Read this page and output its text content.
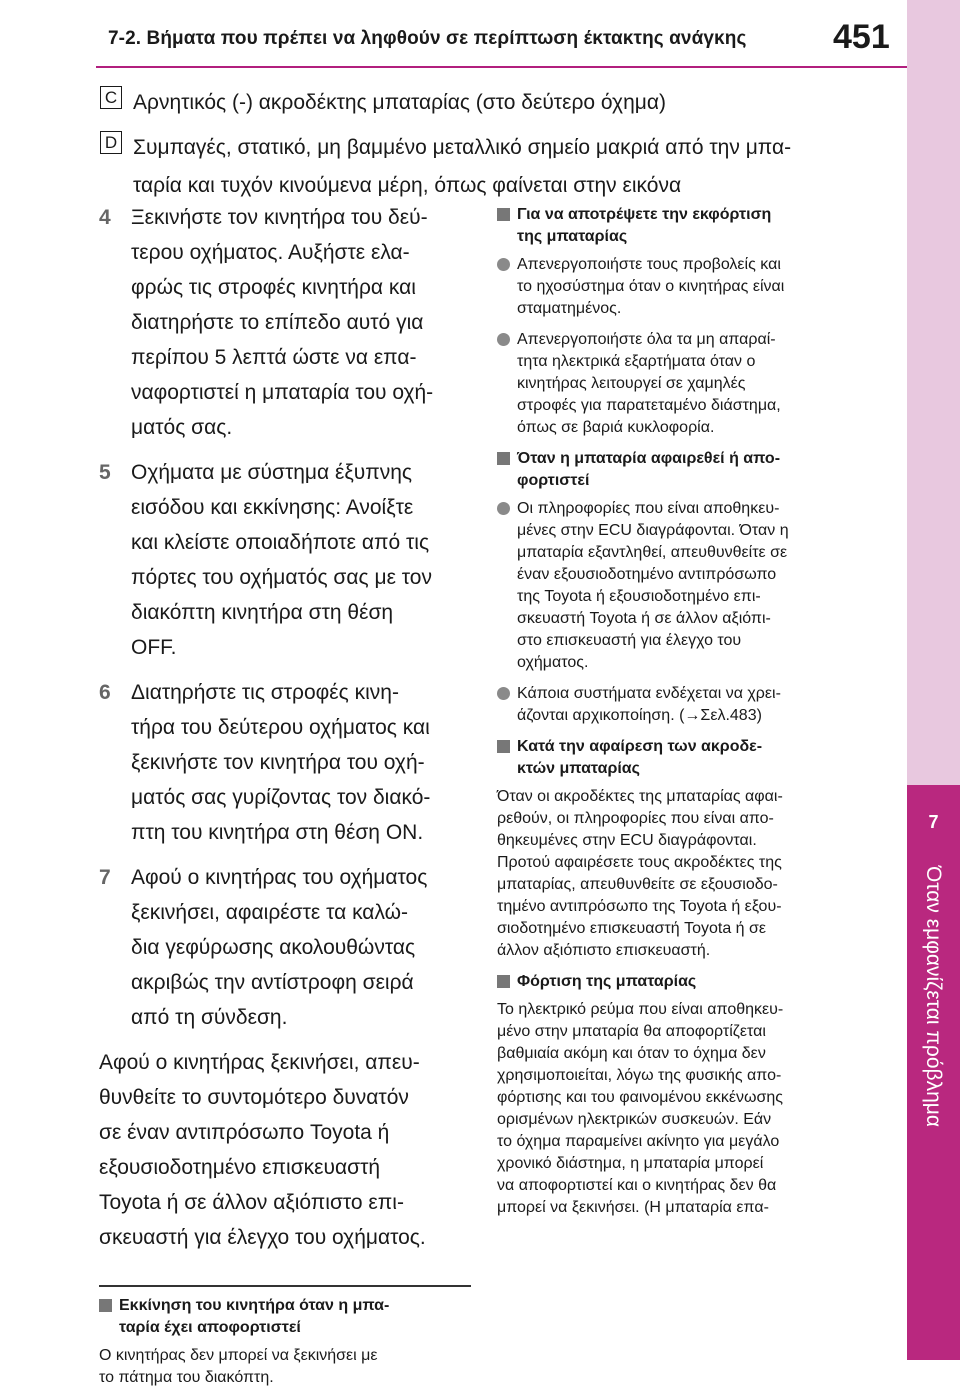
7-2. Βήματα που πρέπει να ληφθούν σε περίπτωση έκτακτης ανάγκης	451
7
Όταν εμφανίζεται πρόβλημα
C Αρνητικός (-) ακροδέκτης μπαταρίας (στο δεύτερο όχημα)
D Συμπαγές, στατικό, μη βαμμένο μεταλλικό σημείο μακριά από την μπα-
ταρία και τυχόν κινούμενα μέρη, όπως φαίνεται στην εικόνα
4 Ξεκινήστε τον κινητήρα του δεύ-
τερου οχήματος. Αυξήστε ελα-
φρώς τις στροφές κινητήρα και
διατηρήστε το επίπεδο αυτό για
περίπου 5 λεπτά ώστε να επα-
ναφορτιστεί η μπαταρία του οχή-
ματός σας.
5 Οχήματα με σύστημα έξυπνης
εισόδου και εκκίνησης: Ανοίξτε
και κλείστε οποιαδήποτε από τις
πόρτες του οχήματός σας με τον
διακόπτη κινητήρα στη θέση
OFF.
6 Διατηρήστε τις στροφές κινη-
τήρα του δεύτερου οχήματος και
ξεκινήστε τον κινητήρα του οχή-
ματός σας γυρίζοντας τον διακό-
πτη του κινητήρα στη θέση ON.
7 Αφού ο κινητήρας του οχήματος
ξεκινήσει, αφαιρέστε τα καλώ-
δια γεφύρωσης ακολουθώντας
ακριβώς την αντίστροφη σειρά
από τη σύνδεση.
Αφού ο κινητήρας ξεκινήσει, απευ-
θυνθείτε το συντομότερο δυνατόν
σε έναν αντιπρόσωπο Toyota ή
εξουσιοδοτημένο επισκευαστή
Toyota ή σε άλλον αξιόπιστο επι-
σκευαστή για έλεγχο του οχήματος.
Εκκίνηση του κινητήρα όταν η μπα-
ταρία έχει αποφορτιστεί
Ο κινητήρας δεν μπορεί να ξεκινήσει με
το πάτημα του διακόπτη.
Για να αποτρέψετε την εκφόρτιση
της μπαταρίας
Απενεργοποιήστε τους προβολείς και
το ηχοσύστημα όταν ο κινητήρας είναι
σταματημένος.
Απενεργοποιήστε όλα τα μη απαραί-
τητα ηλεκτρικά εξαρτήματα όταν ο
κινητήρας λειτουργεί σε χαμηλές
στροφές για παρατεταμένο διάστημα,
όπως σε βαριά κυκλοφορία.
Όταν η μπαταρία αφαιρεθεί ή απο-
φορτιστεί
Οι πληροφορίες που είναι αποθηκευ-
μένες στην ECU διαγράφονται. Όταν η
μπαταρία εξαντληθεί, απευθυνθείτε σε
έναν εξουσιοδοτημένο αντιπρόσωπο
της Toyota ή εξουσιοδοτημένο επι-
σκευαστή Toyota ή σε άλλον αξιόπι-
στο επισκευαστή για έλεγχο του
οχήματος.
Κάποια συστήματα ενδέχεται να χρει-
άζονται αρχικοποίηση. (→Σελ.483)
Κατά την αφαίρεση των ακροδε-
κτών μπαταρίας
Όταν οι ακροδέκτες της μπαταρίας αφαι-
ρεθούν, οι πληροφορίες που είναι απο-
θηκευμένες στην ECU διαγράφονται.
Προτού αφαιρέσετε τους ακροδέκτες της
μπαταρίας, απευθυνθείτε σε εξουσιοδο-
τημένο αντιπρόσωπο της Toyota ή εξου-
σιοδοτημένο επισκευαστή Toyota ή σε
άλλον αξιόπιστο επισκευαστή.
Φόρτιση της μπαταρίας
Το ηλεκτρικό ρεύμα που είναι αποθηκευ-
μένο στην μπαταρία θα αποφορτίζεται
βαθμιαία ακόμη και όταν το όχημα δεν
χρησιμοποιείται, λόγω της φυσικής απο-
φόρτισης και του φαινομένου εκκένωσης
ορισμένων ηλεκτρικών συσκευών. Εάν
το όχημα παραμείνει ακίνητο για μεγάλο
χρονικό διάστημα, η μπαταρία μπορεί
να αποφορτιστεί και ο κινητήρας δεν θα
μπορεί να ξεκινήσει. (Η μπαταρία επα-
